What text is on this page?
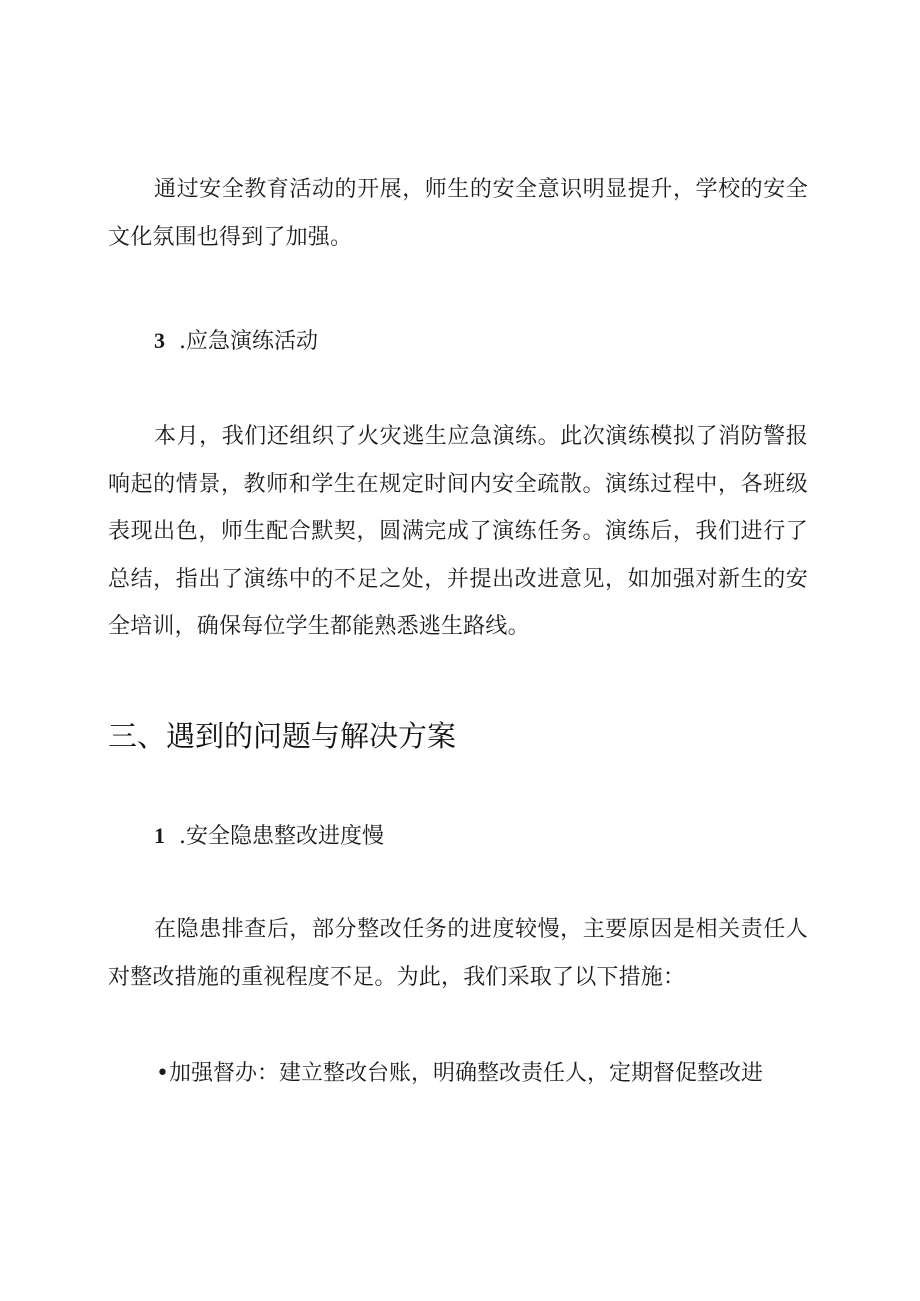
通过安全教育活动的开展，师生的安全意识明显提升，学校的安全文化氛围也得到了加强。

3 .应急演练活动

本月，我们还组织了火灾逃生应急演练。此次演练模拟了消防警报响起的情景，教师和学生在规定时间内安全疏散。演练过程中，各班级表现出色，师生配合默契，圆满完成了演练任务。演练后，我们进行了总结，指出了演练中的不足之处，并提出改进意见，如加强对新生的安全培训，确保每位学生都能熟悉逃生路线。

三、遇到的问题与解决方案
1 .安全隐患整改进度慢

在隐患排查后，部分整改任务的进度较慢，主要原因是相关责任人对整改措施的重视程度不足。为此，我们采取了以下措施：

•加强督办：建立整改台账，明确整改责任人，定期督促整改进
